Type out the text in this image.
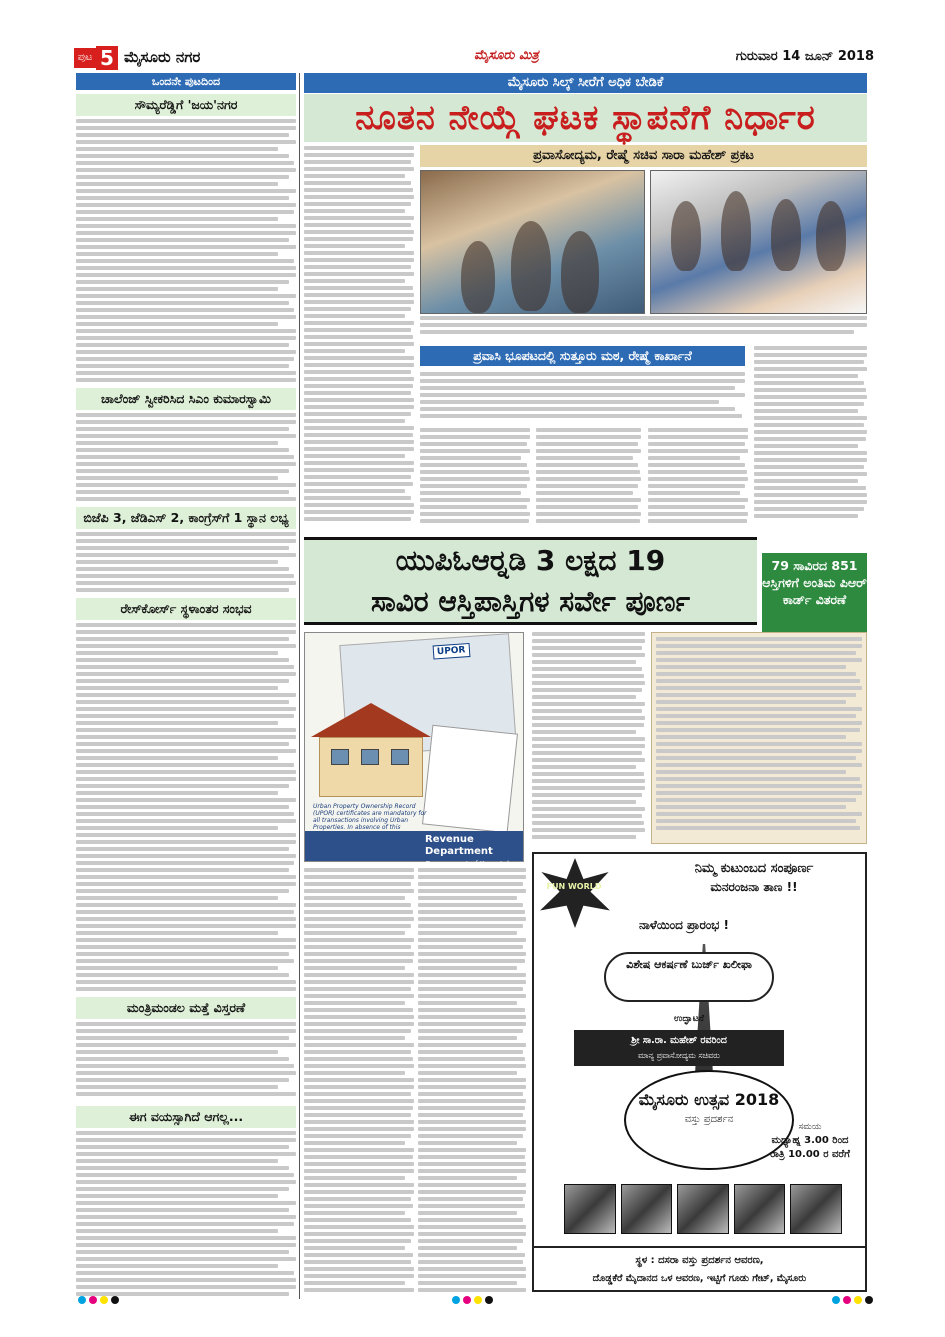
ಪುಟ 5 ಮೈಸೂರು ನಗರ	ಮೈಸೂರು ಮಿತ್ರ	ಗುರುವಾರ 14 ಜೂನ್ 2018
ಒಂದನೇ ಪುಟದಿಂದ
ಸೌಮ್ಯರೆಡ್ಡಿಗೆ 'ಜಯ'ನಗರ
ಚಾಲೆಂಜ್ ಸ್ವೀಕರಿಸಿದ ಸಿಎಂ ಕುಮಾರಸ್ವಾಮಿ
ಬಿಜೆಪಿ 3, ಜೆಡಿಎಸ್ 2, ಕಾಂಗ್ರೆಸ್‍ಗೆ 1 ಸ್ಥಾನ ಲಭ್ಯ
ರೇಸ್‍ಕೋರ್ಸ್ ಸ್ಥಳಾಂತರ ಸಂಭವ
ಮಂತ್ರಿಮಂಡಲ ಮತ್ತೆ ವಿಸ್ತರಣೆ
ಈಗ ವಯಸ್ಸಾಗಿದೆ ಆಗಲ್ಲ...
ಮೈಸೂರು ಸಿಲ್ಕ್ ಸೀರೆಗೆ ಅಧಿಕ ಬೇಡಿಕೆ
ನೂತನ ನೇಯ್ಗೆ ಘಟಕ ಸ್ಥಾಪನೆಗೆ ನಿರ್ಧಾರ
ಪ್ರವಾಸೋದ್ಯಮ, ರೇಷ್ಮೆ ಸಚಿವ ಸಾರಾ ಮಹೇಶ್ ಪ್ರಕಟ
ಪ್ರವಾಸಿ ಭೂಪಟದಲ್ಲಿ ಸುತ್ತೂರು ಮಠ, ರೇಷ್ಮೆ ಕಾರ್ಖಾನೆ
ಯುಪಿಓಆರ್‍ನಡಿ 3 ಲಕ್ಷದ 19
ಸಾವಿರ ಆಸ್ತಿಪಾಸ್ತಿಗಳ ಸರ್ವೇ ಪೂರ್ಣ
79 ಸಾವಿರದ 851 ಆಸ್ತಿಗಳಿಗೆ ಅಂತಿಮ ಪಿಆರ್ ಕಾರ್ಡ್ ವಿತರಣೆ
UPOR
Urban Property Ownership Record (UPOR) certificates are mandatory for all transactions involving Urban Properties. In absence of this
Revenue Department
Government of Karnataka
FUN WORLD
ನಿಮ್ಮ ಕುಟುಂಬದ ಸಂಪೂರ್ಣ
ಮನರಂಜನಾ ತಾಣ !!
ನಾಳೆಯಿಂದ ಪ್ರಾರಂಭ !
ವಿಶೇಷ ಆಕರ್ಷಣೆ ಬುರ್ಜ್ ಖಲೀಫಾ
ಉದ್ಘಾಟನೆ
ಶ್ರೀ ಸಾ.ರಾ. ಮಹೇಶ್ ರವರಿಂದ
ಮಾನ್ಯ ಪ್ರವಾಸೋದ್ಯಮ ಸಚಿವರು
ಮೈಸೂರು ಉತ್ಸವ 2018
ವಸ್ತು ಪ್ರದರ್ಶನ
ಸಮಯ
ಮಧ್ಯಾಹ್ನ 3.00 ರಿಂದ ರಾತ್ರಿ 10.00 ರ ವರೆಗೆ
ಸ್ಥಳ : ದಸರಾ ವಸ್ತು ಪ್ರದರ್ಶನ ಆವರಣ,
ದೊಡ್ಡಕೆರೆ ಮೈದಾನದ ಒಳ ಆವರಣ, ಇಟ್ಟಿಗೆ ಗೂಡು ಗೇಟ್, ಮೈಸೂರು
